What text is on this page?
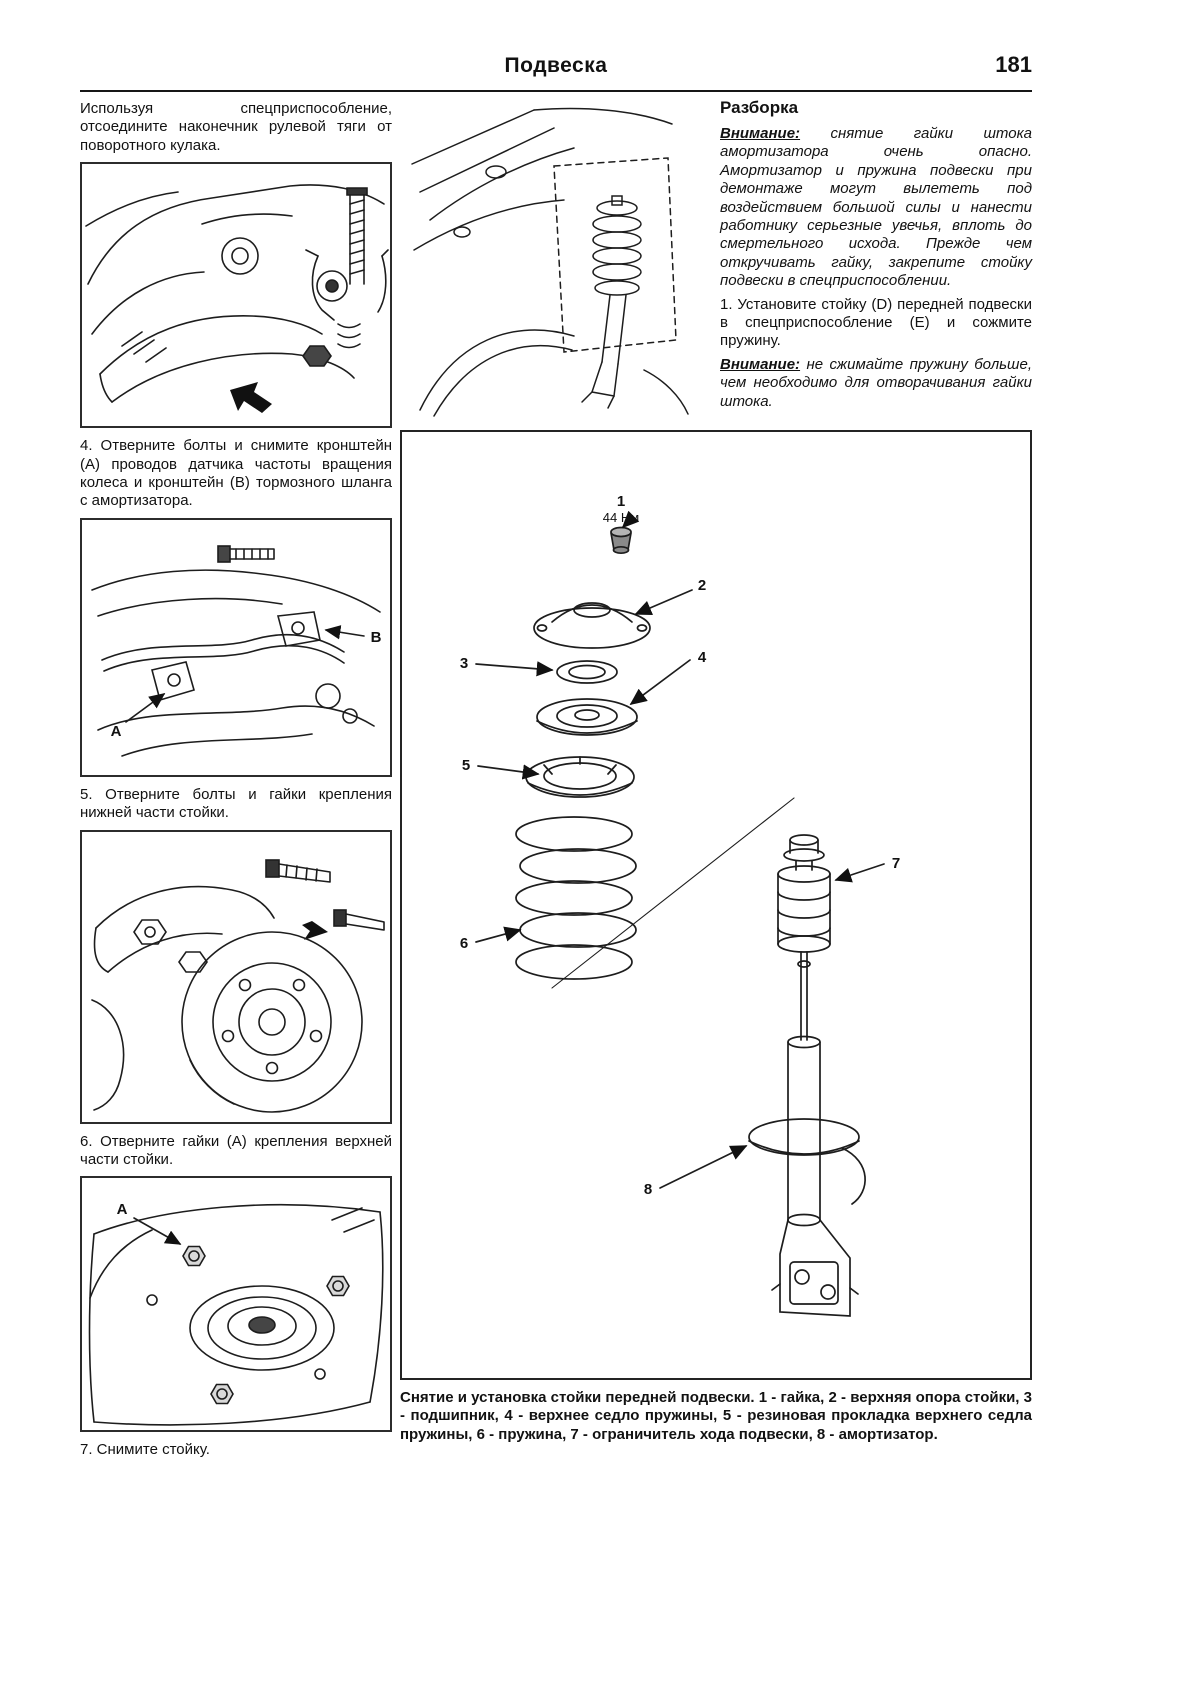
Подвеска	181

Используя спецприспособление, отсоедините наконечник рулевой тяги от поворотного кулака.

4. Отверните болты и снимите кронштейн (A) проводов датчика частоты вращения колеса и кронштейн (B) тормозного шланга с амортизатора.

B
A

5. Отверните болты и гайки крепления нижней части стойки.

6. Отверните гайки (A) крепления верхней части стойки.

A

7. Снимите стойку.

Разборка

Внимание: снятие гайки штока амортизатора очень опасно. Амортизатор и пружина подвески при демонтаже могут вылететь под воздействием большой силы и нанести работнику серьезные увечья, вплоть до смертельного исхода. Прежде чем откручивать гайку, закрепите стойку подвески в спецприспособлении.

1. Установите стойку (D) передней подвески в спецприспособление (E) и сожмите пружину.

Внимание: не сжимайте пружину больше, чем необходимо для отворачивания гайки штока.

1
44 Нм
2
3	4
5
6
7
8

Снятие и установка стойки передней подвески. 1 - гайка, 2 - верхняя опора стойки, 3 - подшипник, 4 - верхнее седло пружины, 5 - резиновая прокладка верхнего седла пружины, 6 - пружина, 7 - ограничитель хода подвески, 8 - амортизатор.
